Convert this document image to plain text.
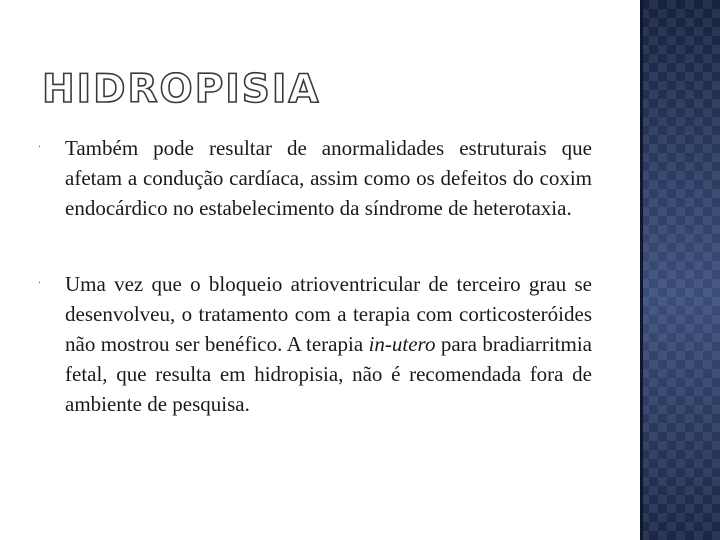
HIDROPISIA

· Também pode resultar de anormalidades estruturais que afetam a condução cardíaca, assim como os defeitos do coxim endocárdico no estabelecimento da síndrome de heterotaxia.

· Uma vez que o bloqueio atrioventricular de terceiro grau se desenvolveu, o tratamento com a terapia com corticosteróides não mostrou ser benéfico. A terapia in-utero para bradiarritmia fetal, que resulta em hidropisia, não é recomendada fora de ambiente de pesquisa.
